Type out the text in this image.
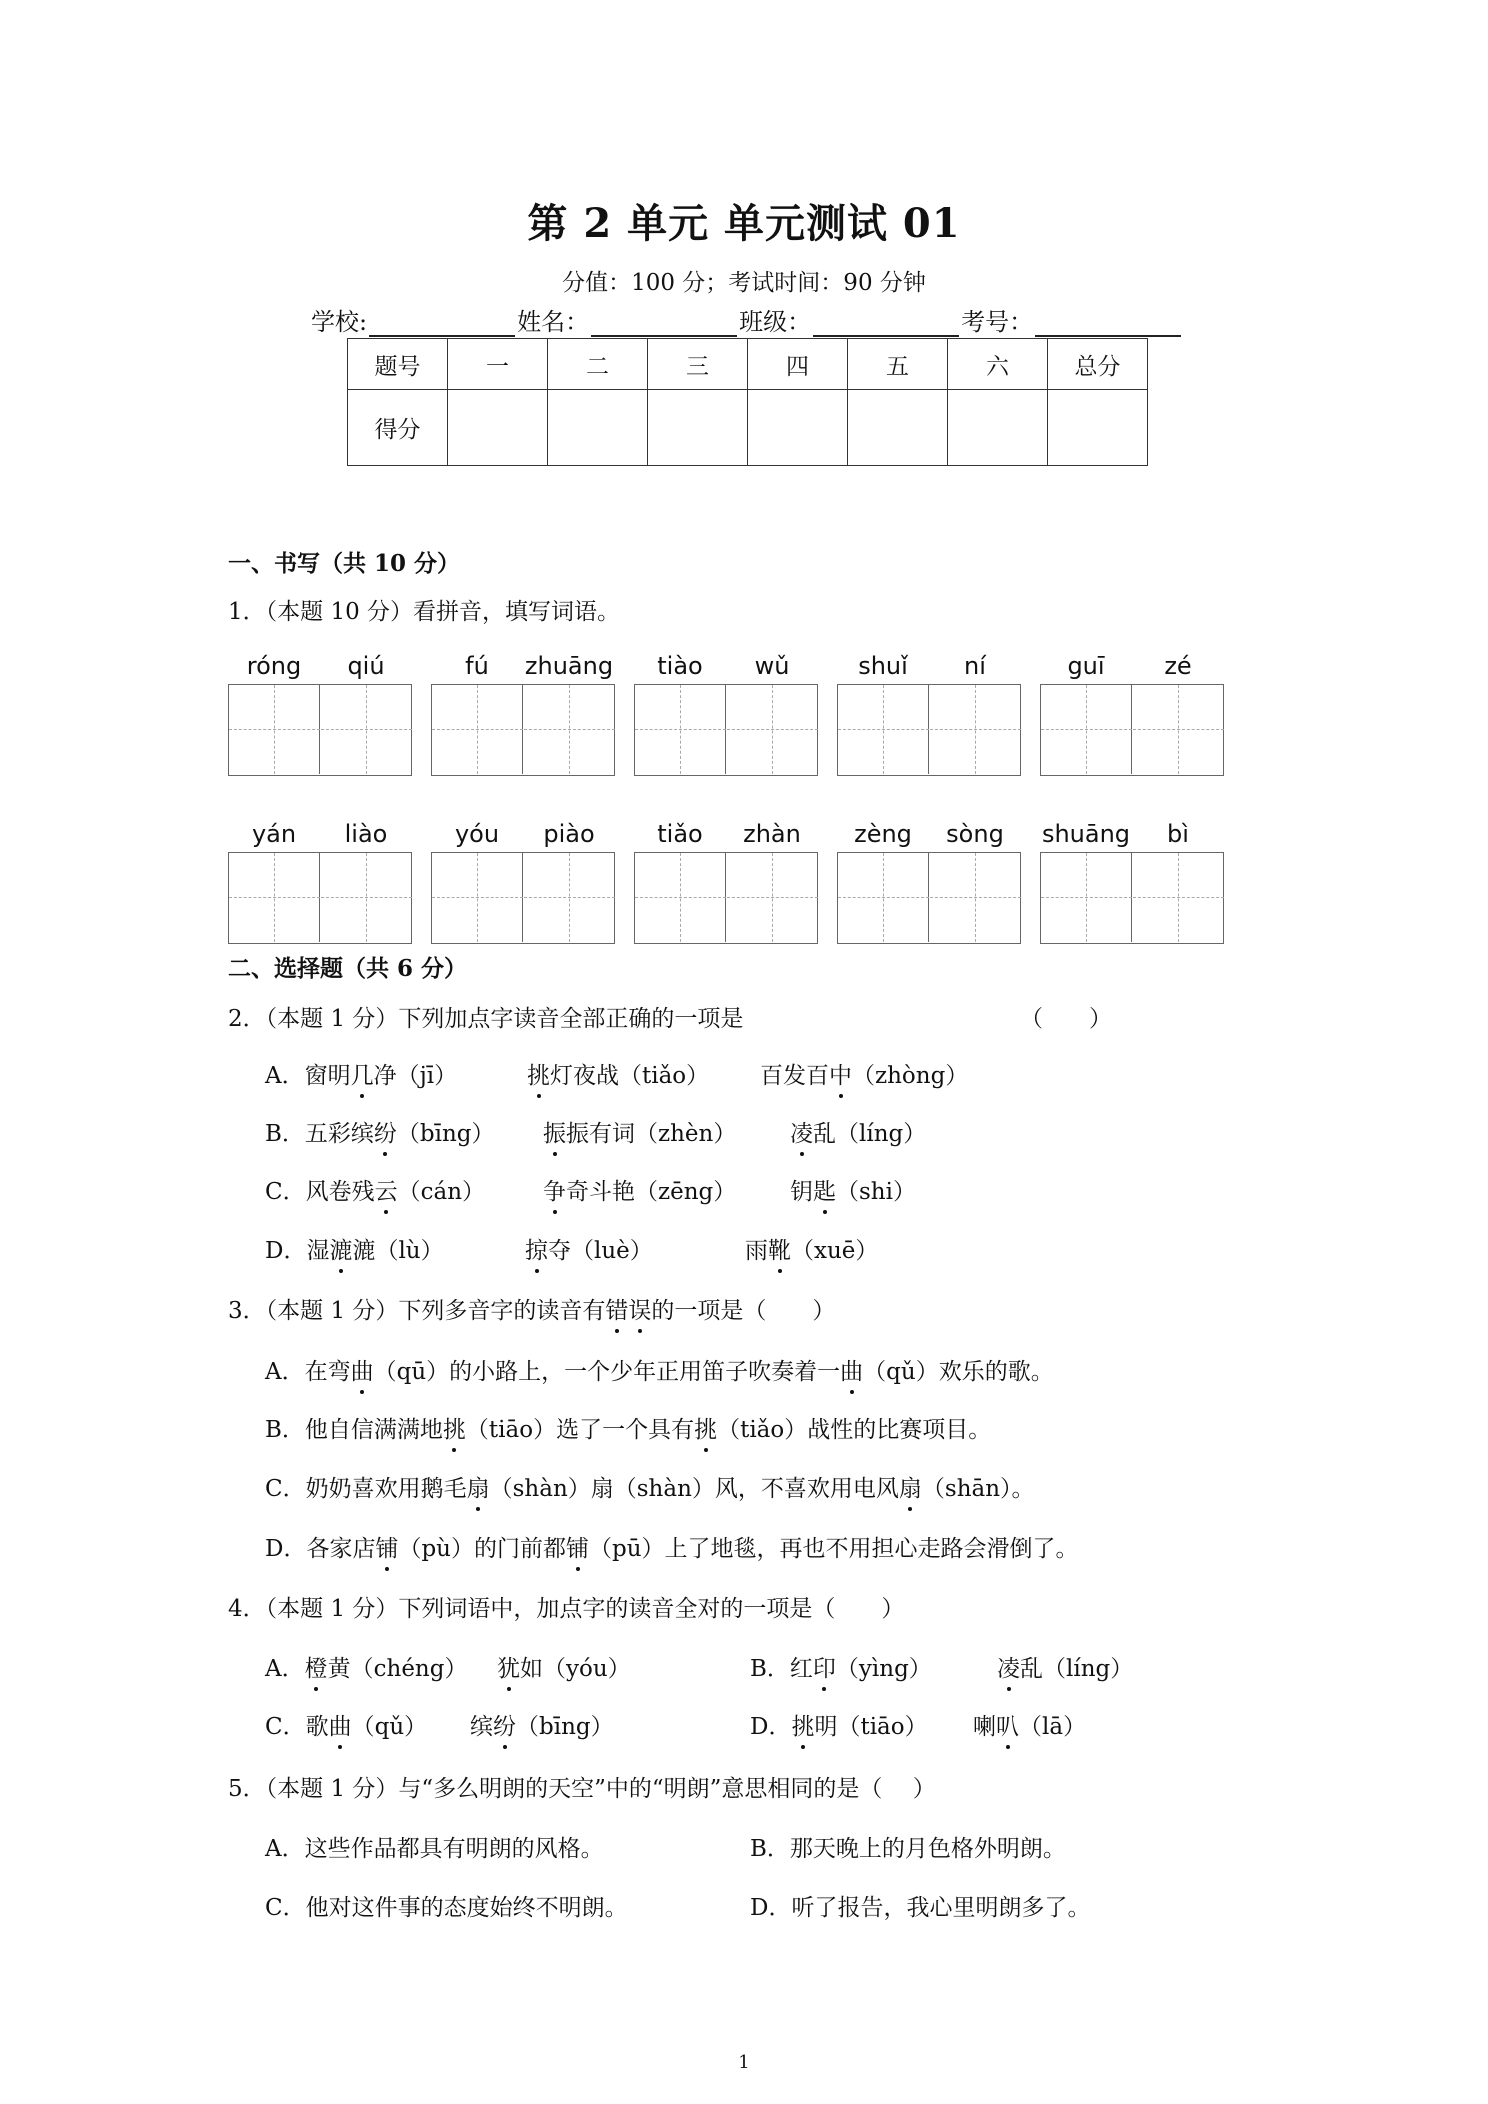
第 2 单元 单元测试 01
分值：100 分；考试时间：90 分钟
学校:	姓名：	班级：	考号：
题号	一	二	三	四	五	六	总分
得分							
一、书写（共 10 分）
1．（本题 10 分）看拼音，填写词语。
róng	qiú	fú	zhuāng	tiào	wǔ	shuǐ	ní	guī	zé
yán	liào	yóu	piào	tiǎo	zhàn	zèng	sòng	shuāng	bì
二、选择题（共 6 分）
2．（本题 1 分）下列加点字读音全部正确的一项是	（　　）
A．窗明几净（jī）	挑灯夜战（tiǎo） 百发百中（zhòng）
B．五彩缤纷（bīng） 振振有词（zhèn） 凌乱（líng）
C．风卷残云（cán）	争奇斗艳（zēng） 钥匙（shi）
D．湿漉漉（lù）	掠夺（luè）	雨靴（xuē）
3．（本题 1 分）下列多音字的读音有错误的一项是（　　）
A．在弯曲（qū）的小路上，一个少年正用笛子吹奏着一曲（qǔ）欢乐的歌。
B．他自信满满地挑（tiāo）选了一个具有挑（tiǎo）战性的比赛项目。
C．奶奶喜欢用鹅毛扇（shàn）扇（shàn）风，不喜欢用电风扇（shān）。
D．各家店铺（pù）的门前都铺（pū）上了地毯，再也不用担心走路会滑倒了。
4．（本题 1 分）下列词语中，加点字的读音全对的一项是（　　）
A．橙黄（chéng） 犹如（yóu）	B．红印（yìng）	凌乱（líng）
C．歌曲（qǔ） 缤纷（bīng）	D．挑明（tiāo） 喇叭（lā）
5．（本题 1 分）与“多么明朗的天空”中的“明朗”意思相同的是（　 ）
A．这些作品都具有明朗的风格。	B．那天晚上的月色格外明朗。
C．他对这件事的态度始终不明朗。	D．听了报告，我心里明朗多了。
1
